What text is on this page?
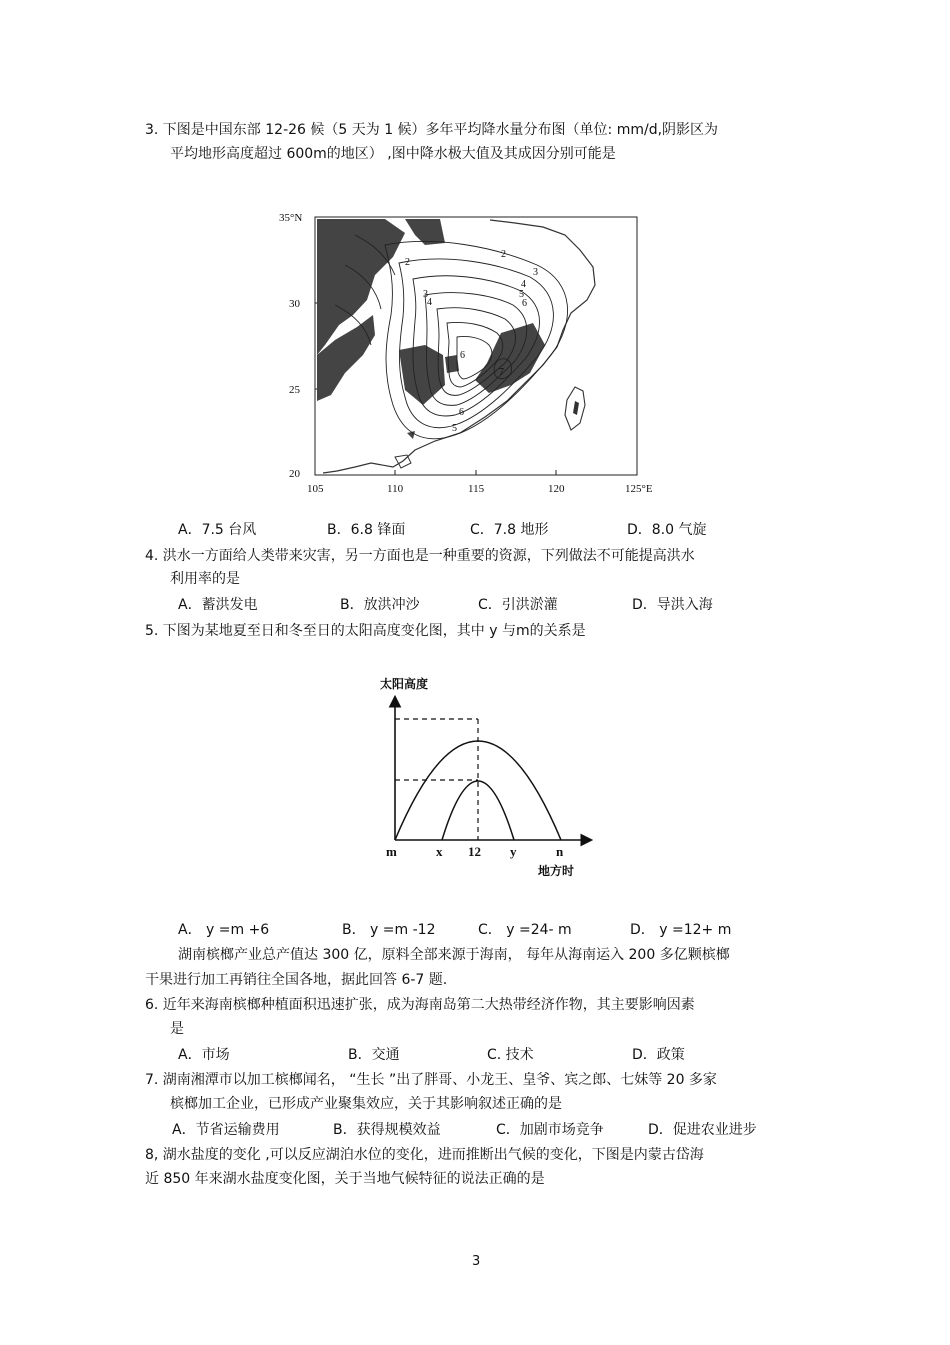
3. 下图是中国东部 12-26 候（5 天为 1 候）多年平均降水量分布图（单位: mm/d,阴影区为
平均地形高度超过 600m的地区） ,图中降水极大值及其成因分别可能是
2
3
4
5
6
6
6
5
7
3
2
4
35°N
30
25
20
105	110	115	120	125°E
A．7.5 台风	B．6.8 锋面	C．7.8 地形	D．8.0 气旋
4. 洪水一方面给人类带来灾害，另一方面也是一种重要的资源，下列做法不可能提高洪水
利用率的是
A．蓄洪发电	B．放洪冲沙	C．引洪淤灌	D．导洪入海
5. 下图为某地夏至日和冬至日的太阳高度变化图，其中 y 与m的关系是
太阳高度
m	x 12 y	n
地方时
A． y =m +6	B． y =m -12	C． y =24- m	D． y =12+ m
湖南槟榔产业总产值达 300 亿，原料全部来源于海南， 每年从海南运入 200 多亿颗槟榔
干果进行加工再销往全国各地，据此回答 6-7 题.
6. 近年来海南槟榔种植面积迅速扩张，成为海南岛第二大热带经济作物，其主要影响因素
是
A．市场	B．交通	C. 技术	D．政策
7. 湖南湘潭市以加工槟榔闻名， “生长 ”出了胖哥、小龙王、皇爷、宾之郎、七妹等 20 多家
槟榔加工企业，已形成产业聚集效应，关于其影响叙述正确的是
A．节省运输费用	B．获得规模效益	C．加剧市场竞争	D．促进农业进步
8, 湖水盐度的变化 ,可以反应湖泊水位的变化，进而推断出气候的变化，下图是内蒙古岱海
近 850 年来湖水盐度变化图，关于当地气候特征的说法正确的是
3
